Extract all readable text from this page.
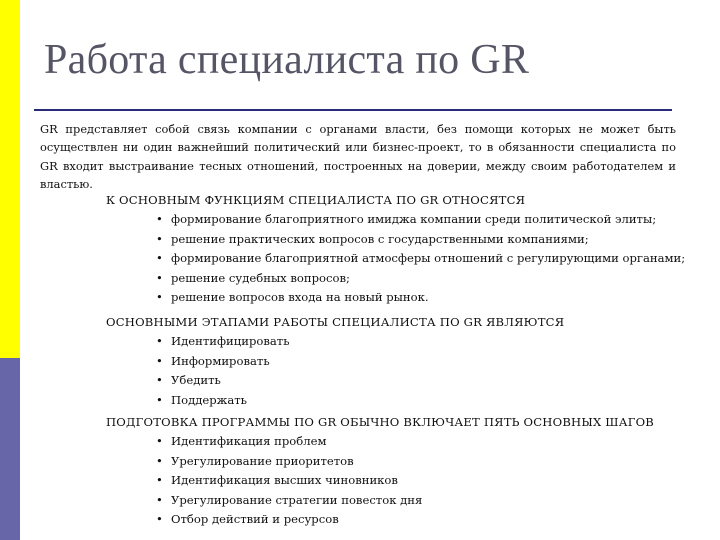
Работа специалиста по GR

GR представляет собой связь компании с органами власти, без помощи которых не может быть осуществлен ни один важнейший политический или бизнес-проект, то в обязанности специалиста по GR входит выстраивание тесных отношений, построенных на доверии, между своим работодателем и властью.

К ОСНОВНЫМ ФУНКЦИЯМ СПЕЦИАЛИСТА ПО GR ОТНОСЯТСЯ

• формирование благоприятного имиджа компании среди политической элиты;
• решение практических вопросов с государственными компаниями;
• формирование благоприятной атмосферы отношений с регулирующими органами;
• решение судебных вопросов;
• решение вопросов входа на новый рынок.

ОСНОВНЫМИ ЭТАПАМИ РАБОТЫ СПЕЦИАЛИСТА ПО GR ЯВЛЯЮТСЯ

• Идентифицировать
• Информировать
• Убедить
• Поддержать

ПОДГОТОВКА ПРОГРАММЫ ПО GR ОБЫЧНО ВКЛЮЧАЕТ ПЯТЬ ОСНОВНЫХ ШАГОВ

• Идентификация проблем
• Урегулирование приоритетов
• Идентификация высших чиновников
• Урегулирование стратегии повесток дня
• Отбор действий и ресурсов
